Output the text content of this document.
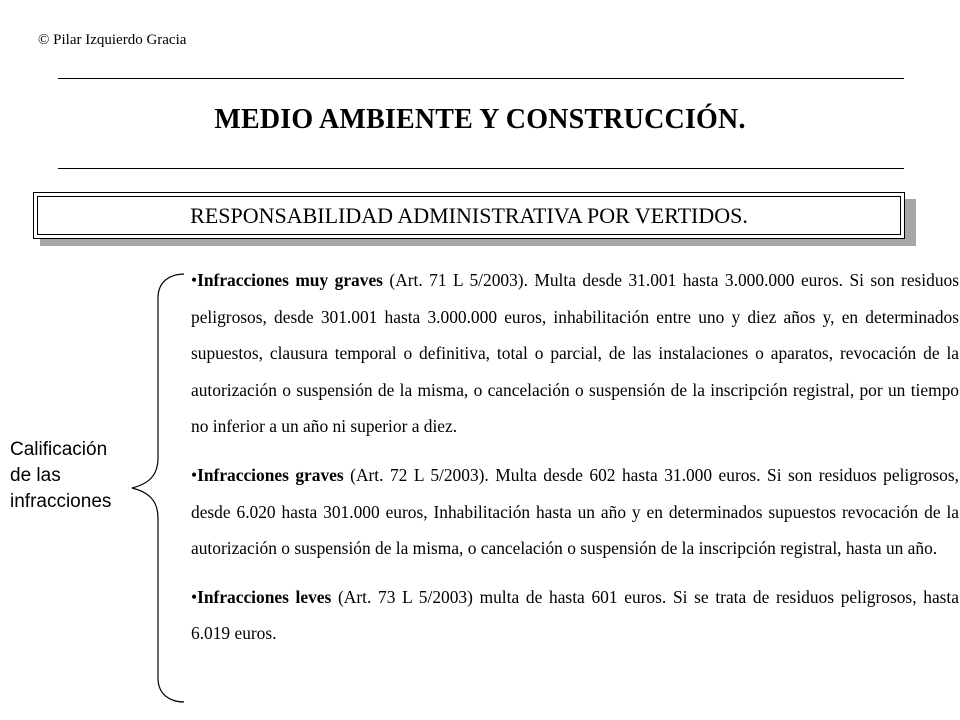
© Pilar Izquierdo Gracia
MEDIO AMBIENTE Y CONSTRUCCIÓN.
RESPONSABILIDAD ADMINISTRATIVA POR VERTIDOS.
Calificación
de las
infracciones

•Infracciones muy graves (Art. 71 L 5/2003). Multa desde 31.001 hasta 3.000.000 euros. Si son residuos peligrosos, desde 301.001 hasta 3.000.000 euros, inhabilitación entre uno y diez años y, en determinados supuestos, clausura temporal o definitiva, total o parcial, de las instalaciones o aparatos, revocación de la autorización o suspensión de la misma, o cancelación o suspensión de la inscripción registral, por un tiempo no inferior a un año ni superior a diez.

•Infracciones graves (Art. 72 L 5/2003). Multa desde 602 hasta 31.000 euros. Si son residuos peligrosos, desde 6.020 hasta 301.000 euros, Inhabilitación hasta un año y en determinados supuestos revocación de la autorización o suspensión de la misma, o cancelación o suspensión de la inscripción registral, hasta un año.

•Infracciones leves (Art. 73 L 5/2003) multa de hasta 601 euros. Si se trata de residuos peligrosos, hasta 6.019 euros.
